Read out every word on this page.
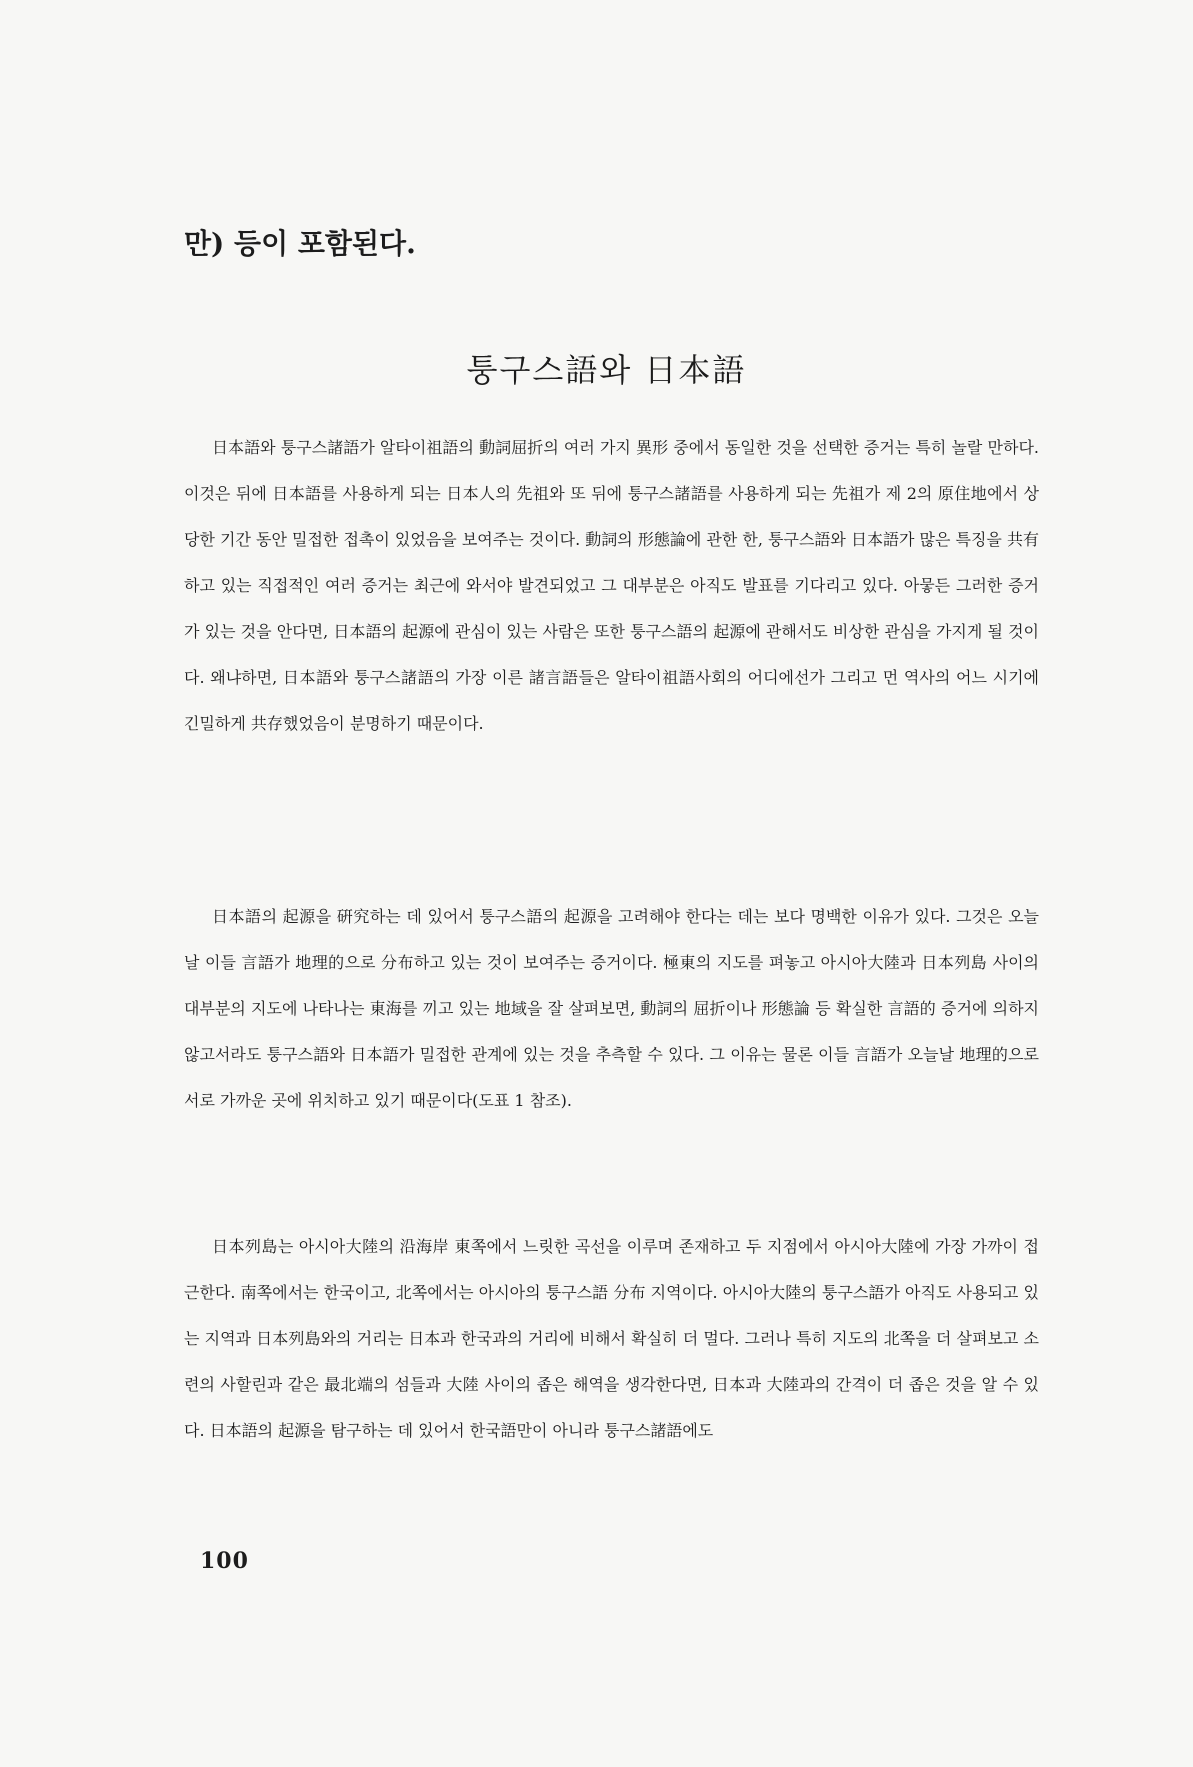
만) 등이 포함된다.
퉁구스語와 日本語

日本語와 퉁구스諸語가 알타이祖語의 動詞屈折의 여러 가지 異形 중에서 동일한 것을 선택한 증거는 특히 놀랄 만하다. 이것은 뒤에 日本語를 사용하게 되는 日本人의 先祖와 또 뒤에 퉁구스諸語를 사용하게 되는 先祖가 제 2의 原住地에서 상당한 기간 동안 밀접한 접촉이 있었음을 보여주는 것이다. 動詞의 形態論에 관한 한, 퉁구스語와 日本語가 많은 특징을 共有하고 있는 직접적인 여러 증거는 최근에 와서야 발견되었고 그 대부분은 아직도 발표를 기다리고 있다. 아뭏든 그러한 증거가 있는 것을 안다면, 日本語의 起源에 관심이 있는 사람은 또한 퉁구스語의 起源에 관해서도 비상한 관심을 가지게 될 것이다. 왜냐하면, 日本語와 퉁구스諸語의 가장 이른 諸言語들은 알타이祖語사회의 어디에선가 그리고 먼 역사의 어느 시기에 긴밀하게 共存했었음이 분명하기 때문이다.

日本語의 起源을 硏究하는 데 있어서 퉁구스語의 起源을 고려해야 한다는 데는 보다 명백한 이유가 있다. 그것은 오늘날 이들 言語가 地理的으로 分布하고 있는 것이 보여주는 증거이다. 極東의 지도를 펴놓고 아시아大陸과 日本列島 사이의 대부분의 지도에 나타나는 東海를 끼고 있는 地域을 잘 살펴보면, 動詞의 屈折이나 形態論 등 확실한 言語的 증거에 의하지 않고서라도 퉁구스語와 日本語가 밀접한 관계에 있는 것을 추측할 수 있다. 그 이유는 물론 이들 言語가 오늘날 地理的으로 서로 가까운 곳에 위치하고 있기 때문이다(도표 1 참조).

日本列島는 아시아大陸의 沿海岸 東쪽에서 느릿한 곡선을 이루며 존재하고 두 지점에서 아시아大陸에 가장 가까이 접근한다. 南쪽에서는 한국이고, 北쪽에서는 아시아의 퉁구스語 分布 지역이다. 아시아大陸의 퉁구스語가 아직도 사용되고 있는 지역과 日本列島와의 거리는 日本과 한국과의 거리에 비해서 확실히 더 멀다. 그러나 특히 지도의 北쪽을 더 살펴보고 소련의 사할린과 같은 最北端의 섬들과 大陸 사이의 좁은 해역을 생각한다면, 日本과 大陸과의 간격이 더 좁은 것을 알 수 있다. 日本語의 起源을 탐구하는 데 있어서 한국語만이 아니라 퉁구스諸語에도

100
